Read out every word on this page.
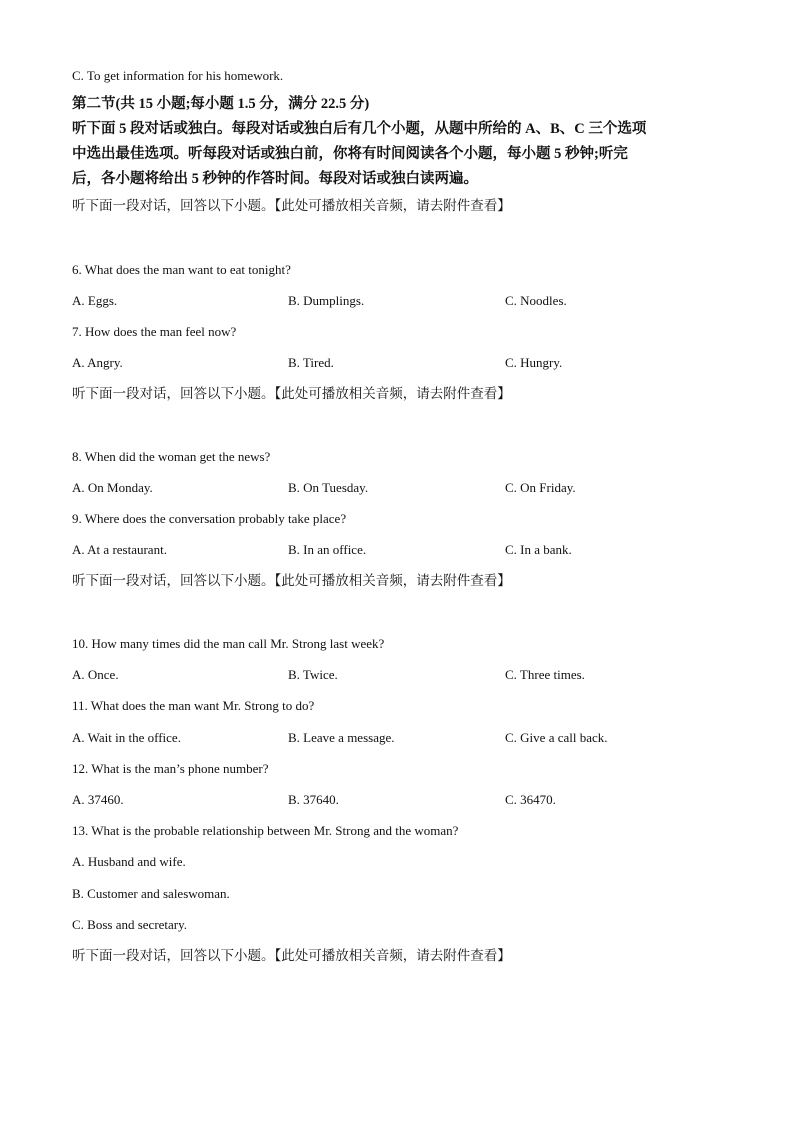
C. To get information for his homework.
第二节(共 15 小题;每小题 1.5 分，满分 22.5 分)
听下面 5 段对话或独白。每段对话或独白后有几个小题，从题中所给的 A、B、C 三个选项
中选出最佳选项。听每段对话或独白前，你将有时间阅读各个小题，每小题 5 秒钟;听完
后，各小题将给出 5 秒钟的作答时间。每段对话或独白读两遍。
听下面一段对话，回答以下小题。【此处可播放相关音频，请去附件查看】
6. What does the man want to eat tonight?
A. Eggs.	B. Dumplings.	C. Noodles.
7. How does the man feel now?
A. Angry.	B. Tired.	C. Hungry.
听下面一段对话，回答以下小题。【此处可播放相关音频，请去附件查看】
8. When did the woman get the news?
A. On Monday.	B. On Tuesday.	C. On Friday.
9. Where does the conversation probably take place?
A. At a restaurant.	B. In an office.	C. In a bank.
听下面一段对话，回答以下小题。【此处可播放相关音频，请去附件查看】
10. How many times did the man call Mr. Strong last week?
A. Once.	B. Twice.	C. Three times.
11. What does the man want Mr. Strong to do?
A. Wait in the office.	B. Leave a message.	C. Give a call back.
12. What is the man’s phone number?
A. 37460.	B. 37640.	C. 36470.
13. What is the probable relationship between Mr. Strong and the woman?
A. Husband and wife.
B. Customer and saleswoman.
C. Boss and secretary.
听下面一段对话，回答以下小题。【此处可播放相关音频，请去附件查看】
